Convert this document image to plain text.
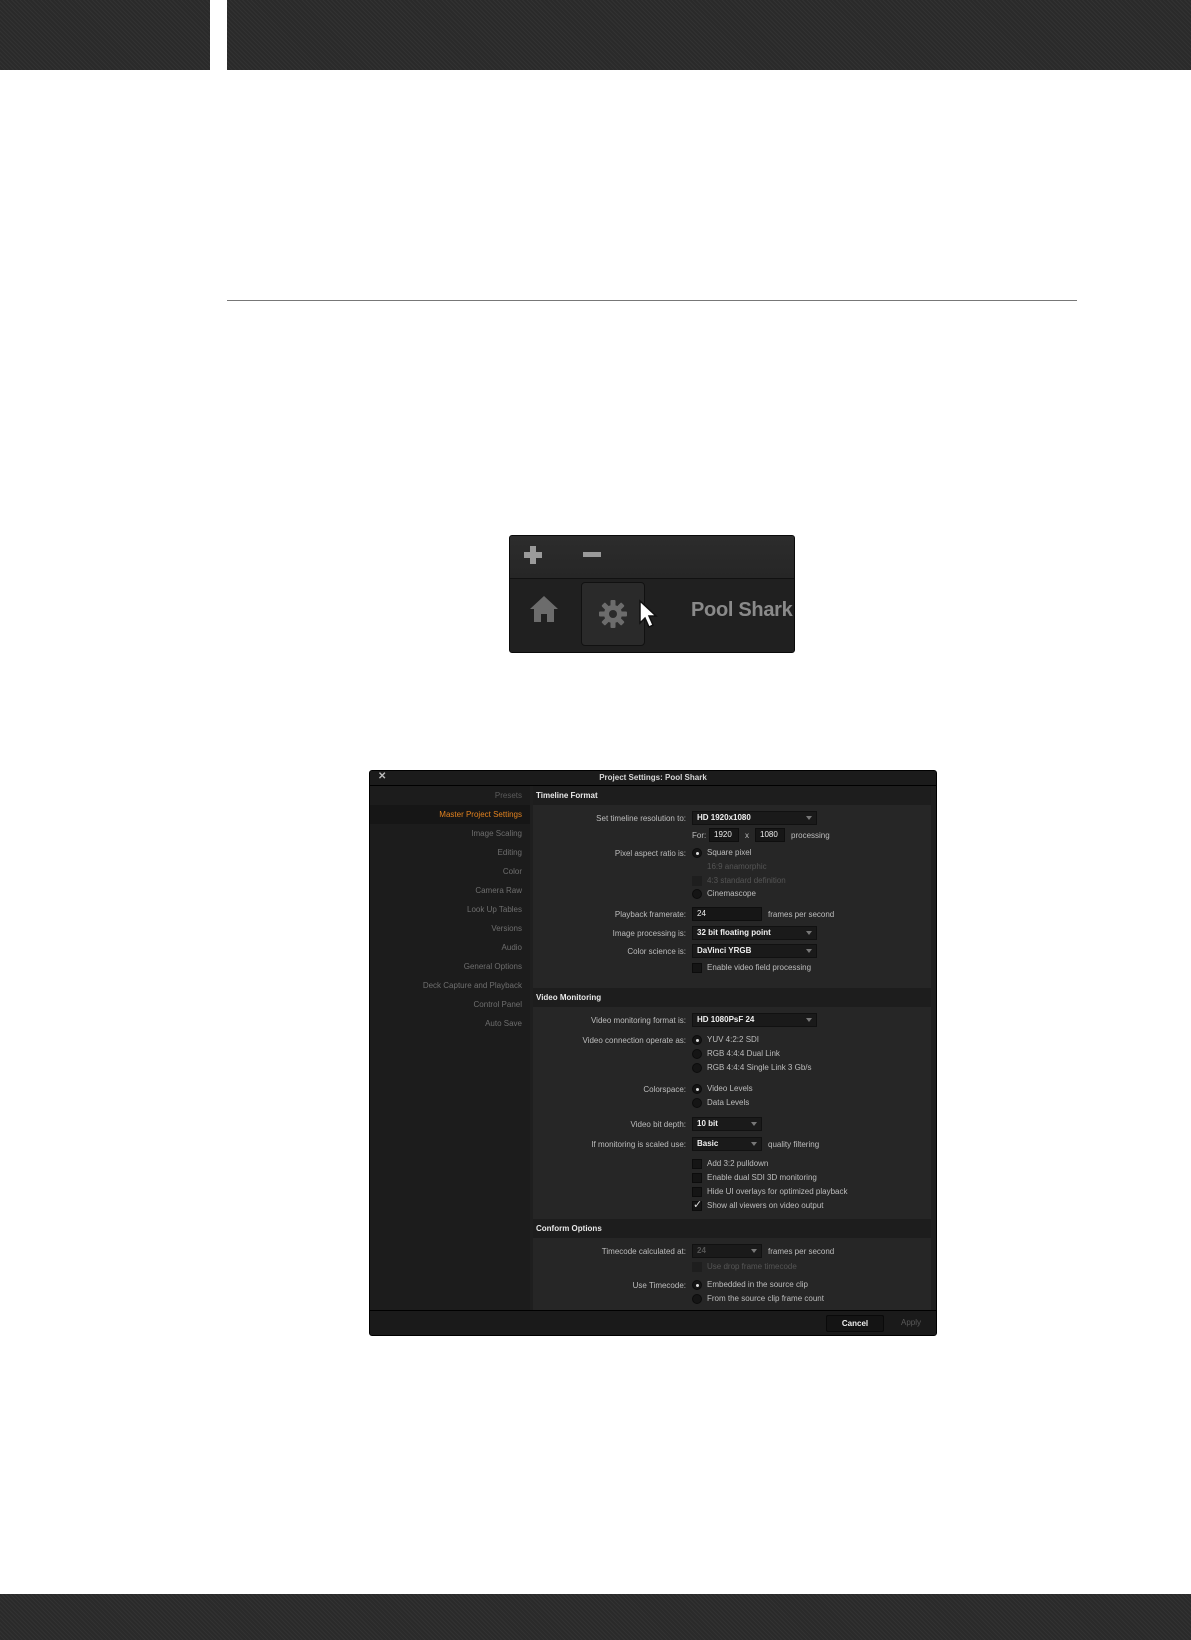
Pool Shark
✕	Project Settings: Pool Shark
Presets
Master Project Settings
Image Scaling
Editing
Color
Camera Raw
Look Up Tables
Versions
Audio
General Options
Deck Capture and Playback
Control Panel
Auto Save
Timeline Format
Set timeline resolution to:	HD 1920x1080
For: 1920	x	1080	processing
Pixel aspect ratio is:	Square pixel
16:9 anamorphic
4:3 standard definition
Cinemascope
Playback framerate:	24	frames per second
Image processing is:	32 bit floating point
Color science is:	DaVinci YRGB
Enable video field processing
Video Monitoring
Video monitoring format is:	HD 1080PsF 24
Video connection operate as:	YUV 4:2:2 SDI
RGB 4:4:4 Dual Link
RGB 4:4:4 Single Link 3 Gb/s
Colorspace:	Video Levels
Data Levels
Video bit depth:	10 bit
If monitoring is scaled use:	Basic	quality filtering
Add 3:2 pulldown
Enable dual SDI 3D monitoring
Hide UI overlays for optimized playback
✓
Show all viewers on video output
Conform Options
Timecode calculated at:	24	frames per second
Use drop frame timecode
Use Timecode:	Embedded in the source clip
From the source clip frame count
Cancel	Apply
